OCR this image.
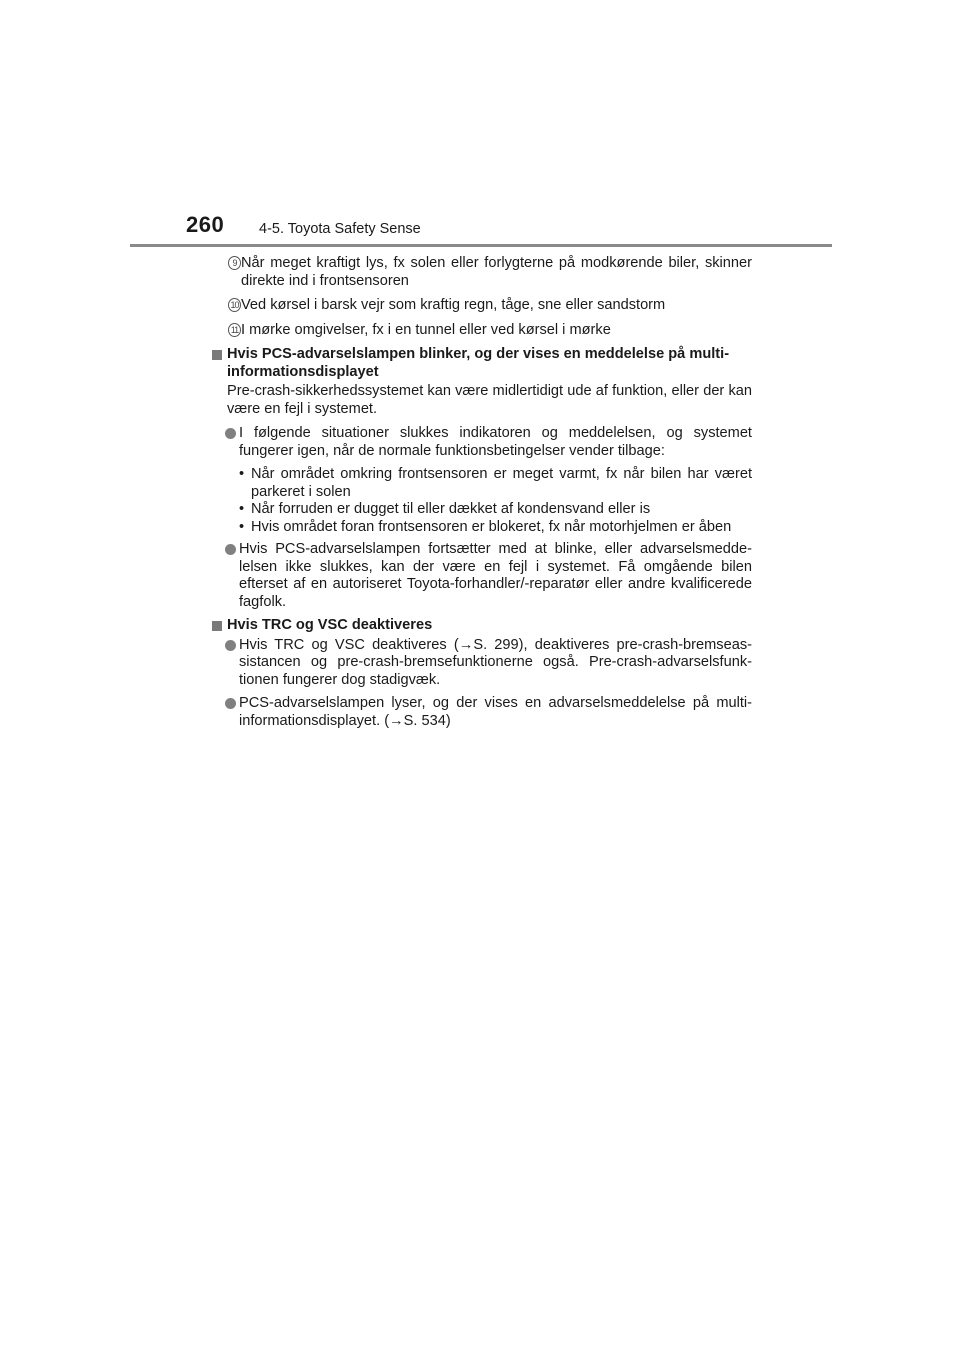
260 4-5. Toyota Safety Sense
9 Når meget kraftigt lys, fx solen eller forlygterne på modkørende biler, skinner direkte ind i frontsensoren
10 Ved kørsel i barsk vejr som kraftig regn, tåge, sne eller sandstorm
11 I mørke omgivelser, fx i en tunnel eller ved kørsel i mørke
Hvis PCS-advarselslampen blinker, og der vises en meddelelse på multi-informationsdisplayet
Pre-crash-sikkerhedssystemet kan være midlertidigt ude af funktion, eller der kan være en fejl i systemet.
I følgende situationer slukkes indikatoren og meddelelsen, og systemet fungerer igen, når de normale funktionsbetingelser vender tilbage:
• Når området omkring frontsensoren er meget varmt, fx når bilen har været parkeret i solen
• Når forruden er dugget til eller dækket af kondensvand eller is
• Hvis området foran frontsensoren er blokeret, fx når motorhjelmen er åben
Hvis PCS-advarselslampen fortsætter med at blinke, eller advarselsmedde-lelsen ikke slukkes, kan der være en fejl i systemet. Få omgående bilen efterset af en autoriseret Toyota-forhandler/-reparatør eller andre kvalificerede fagfolk.
Hvis TRC og VSC deaktiveres
Hvis TRC og VSC deaktiveres (→S. 299), deaktiveres pre-crash-bremseas-sistancen og pre-crash-bremsefunktionerne også. Pre-crash-advarselsfunk-tionen fungerer dog stadigvæk.
PCS-advarselslampen lyser, og der vises en advarselsmeddelelse på multi-informationsdisplayet. (→S. 534)
